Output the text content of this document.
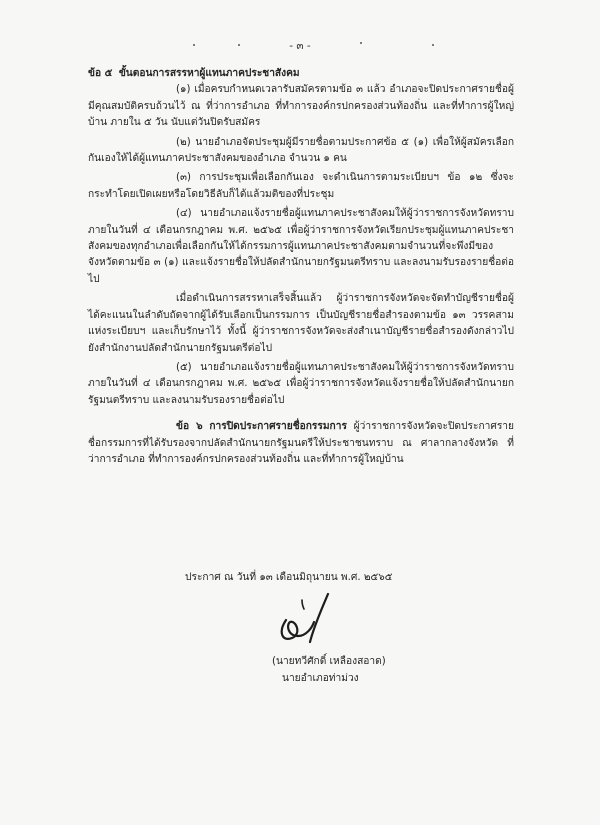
- ๓ -

ข้อ ๕ ขั้นตอนการสรรหาผู้แทนภาคประชาสังคม

(๑) เมื่อครบกำหนดเวลารับสมัครตามข้อ ๓ แล้ว อำเภอจะปิดประกาศรายชื่อผู้มีคุณสมบัติครบถ้วนไว้ ณ ที่ว่าการอำเภอ ที่ทำการองค์กรปกครองส่วนท้องถิ่น และที่ทำการผู้ใหญ่บ้าน ภายใน ๕ วัน นับแต่วันปิดรับสมัคร

(๒) นายอำเภอจัดประชุมผู้มีรายชื่อตามประกาศข้อ ๕ (๑) เพื่อให้ผู้สมัครเลือกกันเองให้ได้ผู้แทนภาคประชาสังคมของอำเภอ จำนวน ๑ คน

(๓) การประชุมเพื่อเลือกกันเอง จะดำเนินการตามระเบียบฯ ข้อ ๑๒ ซึ่งจะกระทำโดยเปิดเผยหรือโดยวิธีลับก็ได้แล้วมติของที่ประชุม

(๔) นายอำเภอแจ้งรายชื่อผู้แทนภาคประชาสังคมให้ผู้ว่าราชการจังหวัดทราบภายในวันที่ ๔ เดือนกรกฎาคม พ.ศ. ๒๕๖๕ เพื่อผู้ว่าราชการจังหวัดเรียกประชุมผู้แทนภาคประชาสังคมของทุกอำเภอเพื่อเลือกกันให้ได้กรรมการผู้แทนภาคประชาสังคมตามจำนวนที่จะพึงมีของจังหวัดตามข้อ ๓ (๑) และแจ้งรายชื่อให้ปลัดสำนักนายกรัฐมนตรีทราบ และลงนามรับรองรายชื่อต่อไป

เมื่อดำเนินการสรรหาเสร็จสิ้นแล้ว ผู้ว่าราชการจังหวัดจะจัดทำบัญชีรายชื่อผู้ได้คะแนนในลำดับถัดจากผู้ได้รับเลือกเป็นกรรมการ เป็นบัญชีรายชื่อสำรองตามข้อ ๑๓ วรรคสามแห่งระเบียบฯ และเก็บรักษาไว้ ทั้งนี้ ผู้ว่าราชการจังหวัดจะส่งสำเนาบัญชีรายชื่อสำรองดังกล่าวไปยังสำนักงานปลัดสำนักนายกรัฐมนตรีต่อไป

(๕) นายอำเภอแจ้งรายชื่อผู้แทนภาคประชาสังคมให้ผู้ว่าราชการจังหวัดทราบภายในวันที่ ๔ เดือนกรกฎาคม พ.ศ. ๒๕๖๕ เพื่อผู้ว่าราชการจังหวัดแจ้งรายชื่อให้ปลัดสำนักนายกรัฐมนตรีทราบ และลงนามรับรองรายชื่อต่อไป

ข้อ ๖ การปิดประกาศรายชื่อกรรมการ ผู้ว่าราชการจังหวัดจะปิดประกาศรายชื่อกรรมการที่ได้รับรองจากปลัดสำนักนายกรัฐมนตรีให้ประชาชนทราบ ณ ศาลากลางจังหวัด ที่ว่าการอำเภอ ที่ทำการองค์กรปกครองส่วนท้องถิ่น และที่ทำการผู้ใหญ่บ้าน

ประกาศ ณ วันที่ ๑๓ เดือนมิถุนายน พ.ศ. ๒๕๖๕
(นายทวีศักดิ์ เหลืองสอาด)
นายอำเภอท่าม่วง
